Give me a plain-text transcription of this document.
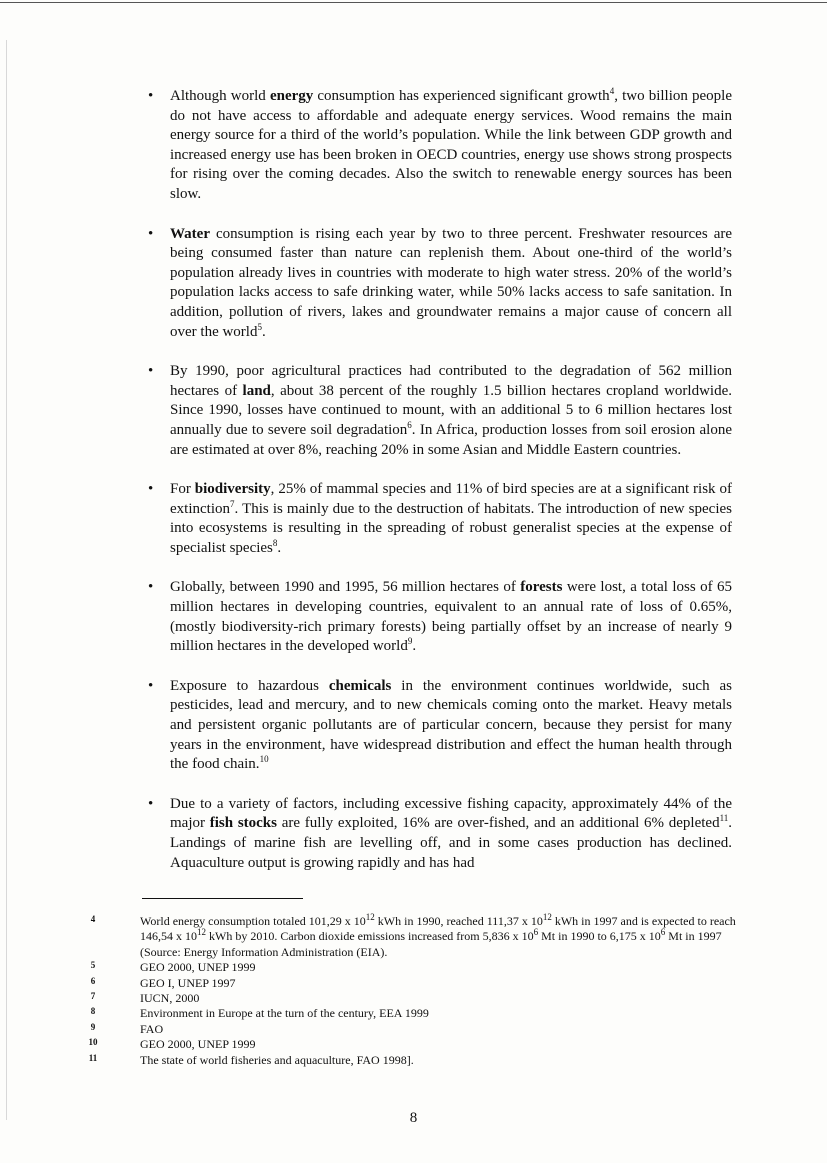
• Although world energy consumption has experienced significant growth$^4$, two billion people do not have access to affordable and adequate energy services. Wood remains the main energy source for a third of the world’s population. While the link between GDP growth and increased energy use has been broken in OECD countries, energy use shows strong prospects for rising over the coming decades. Also the switch to renewable energy sources has been slow.
• Water consumption is rising each year by two to three percent. Freshwater resources are being consumed faster than nature can replenish them. About one-third of the world’s population already lives in countries with moderate to high water stress. 20% of the world’s population lacks access to safe drinking water, while 50% lacks access to safe sanitation. In addition, pollution of rivers, lakes and groundwater remains a major cause of concern all over the world$^5$.
• By 1990, poor agricultural practices had contributed to the degradation of 562 million hectares of land, about 38 percent of the roughly 1.5 billion hectares cropland worldwide. Since 1990, losses have continued to mount, with an additional 5 to 6 million hectares lost annually due to severe soil degradation$^6$. In Africa, production losses from soil erosion alone are estimated at over 8%, reaching 20% in some Asian and Middle Eastern countries.
• For biodiversity, 25% of mammal species and 11% of bird species are at a significant risk of extinction$^7$. This is mainly due to the destruction of habitats. The introduction of new species into ecosystems is resulting in the spreading of robust generalist species at the expense of specialist species$^8$.
• Globally, between 1990 and 1995, 56 million hectares of forests were lost, a total loss of 65 million hectares in developing countries, equivalent to an annual rate of loss of 0.65%, (mostly biodiversity-rich primary forests) being partially offset by an increase of nearly 9 million hectares in the developed world$^9$.
• Exposure to hazardous chemicals in the environment continues worldwide, such as pesticides, lead and mercury, and to new chemicals coming onto the market. Heavy metals and persistent organic pollutants are of particular concern, because they persist for many years in the environment, have widespread distribution and effect the human health through the food chain.$^{10}$
• Due to a variety of factors, including excessive fishing capacity, approximately 44% of the major fish stocks are fully exploited, 16% are over-fished, and an additional 6% depleted$^{11}$. Landings of marine fish are levelling off, and in some cases production has declined. Aquaculture output is growing rapidly and has had
4	World energy consumption totaled 101,29 x $10^{12}$ kWh in 1990, reached 111,37 x $10^{12}$ kWh in 1997 and is expected to reach 146,54 x $10^{12}$ kWh by 2010. Carbon dioxide emissions increased from 5,836 x $10^6$ Mt in 1990 to 6,175 x $10^6$ Mt in 1997 (Source: Energy Information Administration (EIA).
5	GEO 2000, UNEP 1999
6	GEO I, UNEP 1997
7	IUCN, 2000
8	Environment in Europe at the turn of the century, EEA 1999
9	FAO
10	GEO 2000, UNEP 1999
11	The state of world fisheries and aquaculture, FAO 1998].
8
